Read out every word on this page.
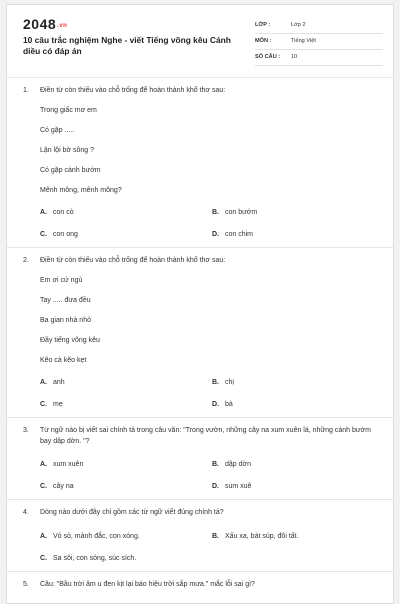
2048.vn
10 câu trắc nghiệm Nghe - viết Tiếng võng kêu Cánh diều có đáp án
LỚP :	Lớp 2
MÔN :	Tiếng Việt
SỐ CÂU : 10
1. Điền từ còn thiếu vào chỗ trống để hoàn thành khổ thơ sau:
Trong giấc mơ em
Có gặp .....
Lận lội bờ sông ?
Có gặp cánh bướm
Mênh mông, mênh mông?
A. con cò	B. con bướm
C. con ong	D. con chim
2. Điền từ còn thiếu vào chỗ trống để hoàn thành khổ thơ sau:
Em ơi cứ ngủ
Tay ..... đưa đều
Ba gian nhà nhỏ
Đầy tiếng võng kêu
Kẽo cà kẽo kẹt
A. anh	B. chị
C. mẹ	D. bà
3. Từ ngữ nào bị viết sai chính tả trong câu văn: "Trong vườn, những cây na xum xuên lá, những cánh bướm bay dập dờn. "?
A. xum xuên	B. dập dờn
C. cây na	D. sum xuê
4. Dòng nào dưới đây chỉ gồm các từ ngữ viết đúng chính tả?
A. Vỏ sò, mảnh đắc, con xóng.	B. Xấu xa, bát súp, đôi tất.
C. Sa sôi, con sóng, súc sích.
5. Câu: "Bầu trời âm u đen kịt lại báo hiệu trời sắp mưa." mắc lỗi sai gì?
